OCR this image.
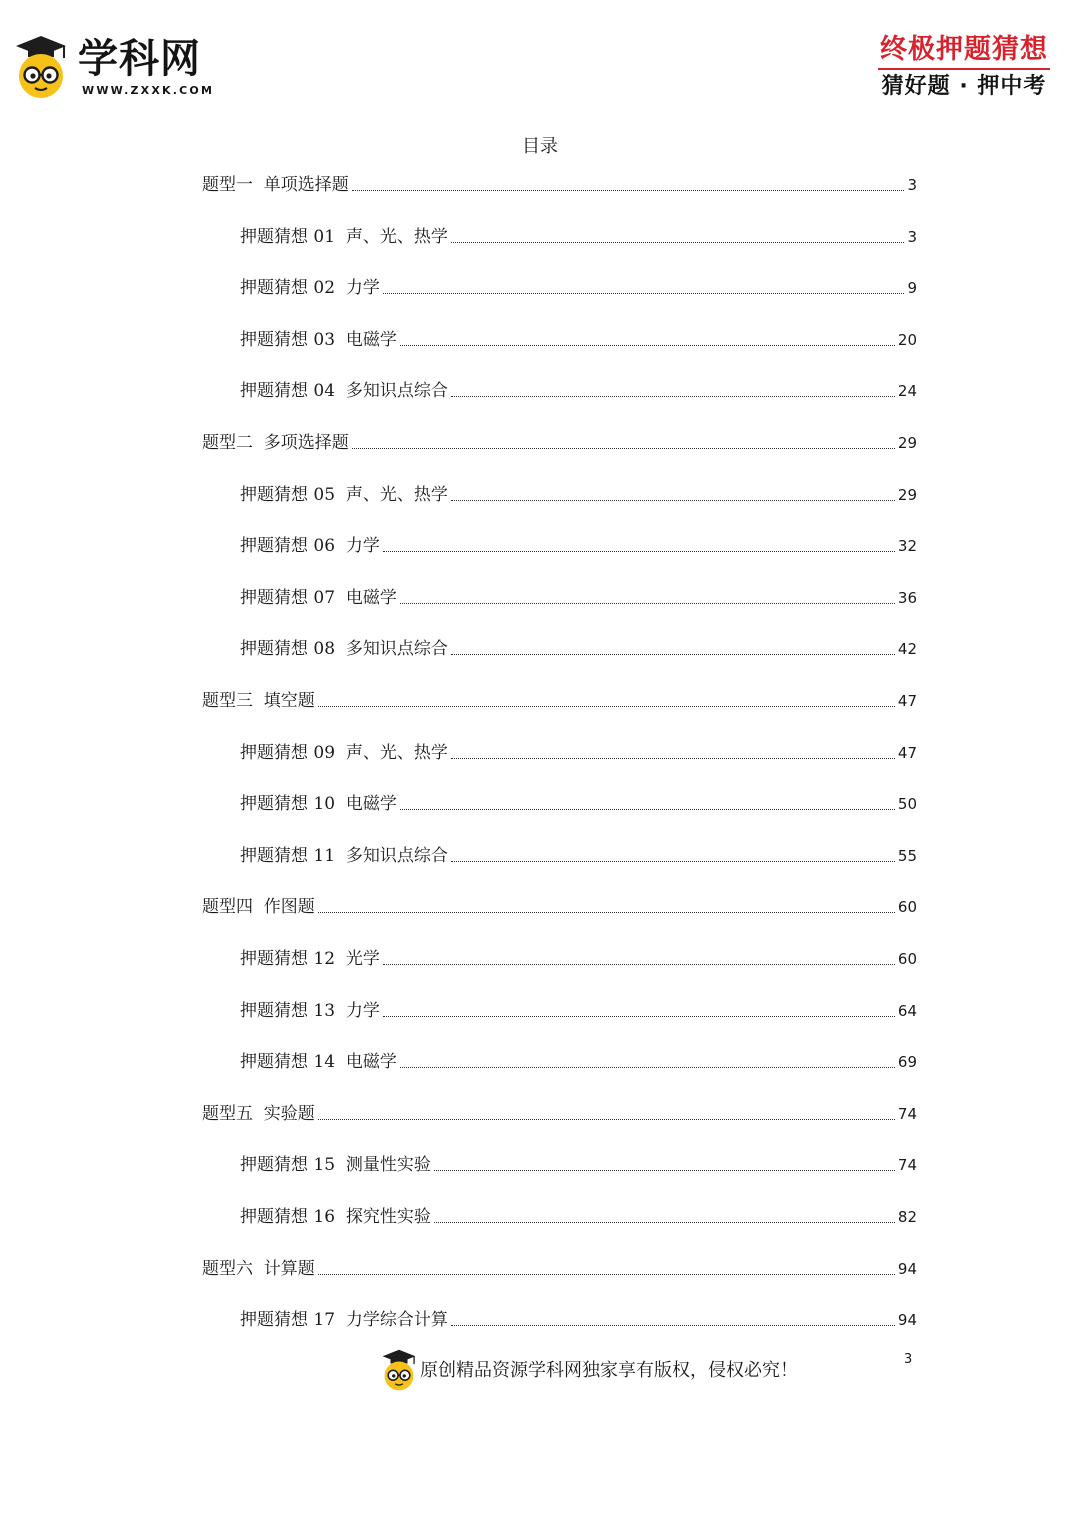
学科网
WWW.ZXXK.COM
终极押题猜想
猜好题 · 押中考
目录
题型一  单项选择题	3
押题猜想 01  声、光、热学	3
押题猜想 02  力学	9
押题猜想 03  电磁学	20
押题猜想 04  多知识点综合	24
题型二  多项选择题	29
押题猜想 05  声、光、热学	29
押题猜想 06  力学	32
押题猜想 07  电磁学	36
押题猜想 08  多知识点综合	42
题型三  填空题	47
押题猜想 09  声、光、热学	47
押题猜想 10  电磁学	50
押题猜想 11  多知识点综合	55
题型四  作图题	60
押题猜想 12  光学	60
押题猜想 13  力学	64
押题猜想 14  电磁学	69
题型五  实验题	74
押题猜想 15  测量性实验	74
押题猜想 16  探究性实验	82
题型六  计算题	94
押题猜想 17  力学综合计算	94
原创精品资源学科网独家享有版权，侵权必究！
3
